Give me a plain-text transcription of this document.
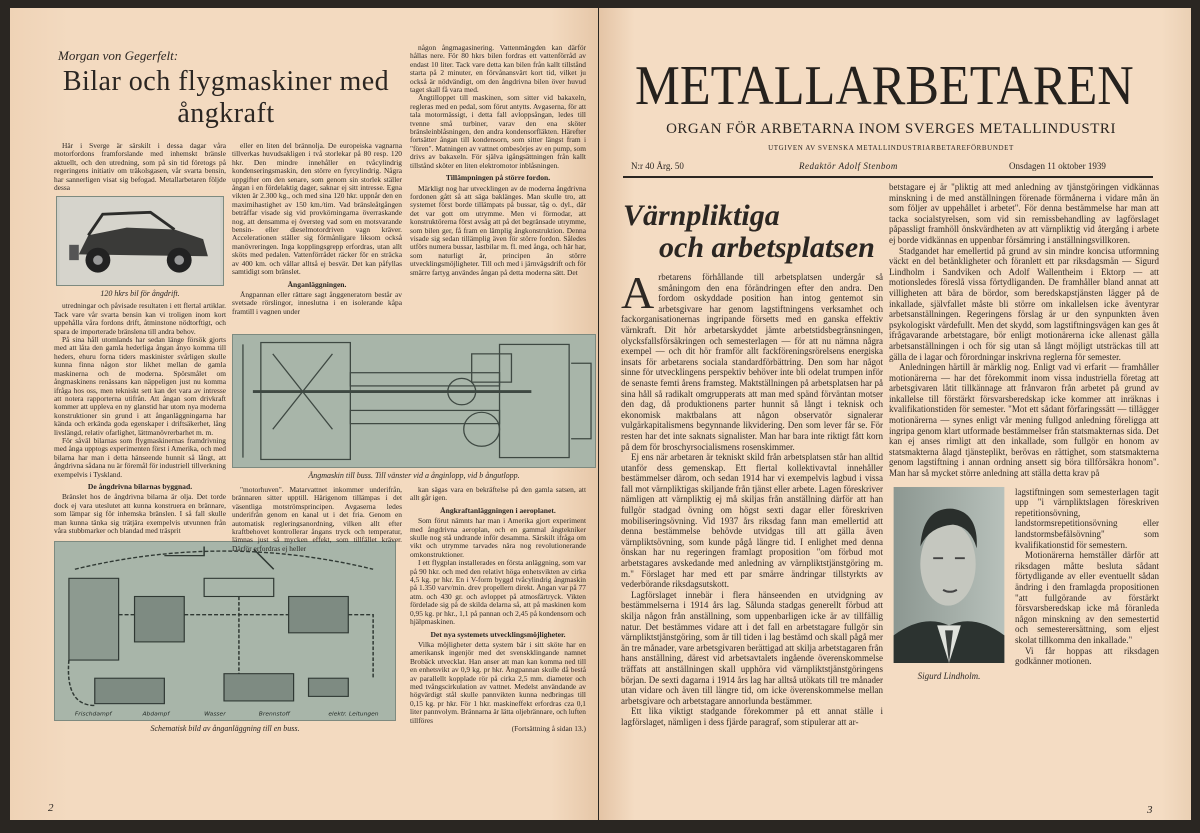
Morgan von Gegerfelt:
Bilar och flygmaskiner med ångkraft

Här i Sverge är särskilt i dessa dagar våra motorfordons framforslande med inhemskt bränsle aktuellt, och den utredning, som på sin tid företogs på regeringens initiativ om träkolsgasen, vår svarta bensin, har sannerligen visat sig befogad. Metallarbetaren följde dessa

120 hkrs bil för ångdrift.

utredningar och påvisade resultaten i ett flertal artiklar. Tack vare vår svarta bensin kan vi troligen inom kort uppehålla våra fordons drift, åtminstone nödtorftigt, och spara de importerade bränslena till andra behov.

På sina håll utomlands har sedan länge försök gjorts med att låta den gamla hederliga ångan ånyo komma till heders, ehuru forna tiders maskinister svårligen skulle kunna finna någon stor likhet mellan de gamla maskinerna och de moderna. Spörsmålet om ångmaskinens renässans kan näppeligen just nu komma ifråga hos oss, men tekniskt sett kan det vara av intresse att notera rapporterna utifrån. Att ångan som drivkraft kommer att uppleva en ny glanstid har utom nya moderna konstruktioner sin grund i att ånganläggningarna har kända och erkända goda egenskaper i driftsäkerhet, lång livslängd, relativ ofarlighet, lättmanövrerbarhet m. m.

För såväl bilarnas som flygmaskinernas framdrivning med ånga upptogs experimenten först i Amerika, och med bilarna har man i detta hänseende hunnit så långt, att ångdrivna sådana nu är föremål för industriell tillverkning exempelvis i Tyskland.

De ångdrivna bilarnas byggnad.

Bränslet hos de ångdrivna bilarna är olja. Det torde dock ej vara uteslutet att kunna konstruera en brännare, som lämpar sig för inhemska bränslen. I så fall skulle man kunna tänka sig trätjära exempelvis utvunnen från våra stubbmarker och blandad med träsprit

Frischdampf	Abdampf	Wasser	Brennstoff	elektr. Leitungen
Schematisk bild av ånganläggning till en buss.

eller en liten del brännolja. De europeiska vagnarna tillverkas huvudsakligen i två storlekar på 80 resp. 120 hkr. Den mindre innehåller en tvåcylindrig kondenseringsmaskin, den större en fyrcylindrig. Några uppgifter om den senare, som genom sin storlek ställer ångan i en fördelaktig dager, saknar ej sitt intresse. Egna vikten är 2.300 kg., och med sina 120 hkr. uppnår den en maximihastighet av 150 km./tim. Vad bränsleåtgången beträffar visade sig vid provkörningarna överraskande nog, att densamma ej översteg vad som en motsvarande bensin- eller dieselmotordriven vagn kräver. Accelerationen ställer sig förmånligare liksom också manövreringen. Inga kopplingsgrepp erfordras, utan allt sköts med pedalen. Vattenförrådet räcker för en sträcka av 400 km. och vållar alltså ej besvär. Det kan påfyllas samtidigt som bränslet.

Ånganläggningen.

Ångpannan eller rättare sagt ånggeneratorn består av svetsade rörslingor, inneslutna i en isolerande kåpa framtill i vagnen under

någon ångmagasinering. Vattenmängden kan därför hållas nere. För 80 hkrs bilen fordras ett vattenförråd av endast 10 liter. Tack vare detta kan bilen från kallt tillstånd starta på 2 minuter, en förvånansvärt kort tid, vilket ju också är nödvändigt, om den ångdrivna bilen över huvud taget skall få vara med.

Ångtilloppet till maskinen, som sitter vid bakaxeln, regleras med en pedal, som förut antytts. Avgaserna, för att tala motormässigt, i detta fall avloppsångan, ledes till tvenne små turbiner, varav den ena sköter bränsleinblåsningen, den andra kondensorfläkten. Härefter fortsätter ångan till kondensorn, som sitter längst fram i "fören". Matningen av vattnet ombesörjes av en pump, som drivs av bakaxeln. För själva igångsättningen från kallt tillstånd sköter en liten elektromotor inblåsningen.

Tillämpningen på större fordon.

Märkligt nog har utvecklingen av de moderna ångdrivna fordonen gått så att säga baklänges. Man skulle tro, att systemet först borde tillämpats på bussar, tåg o. dyl., där det var gott om utrymme. Men vi förmodar, att konstruktörerna först avsåg att på det begränsade utrymme, som bilen ger, få fram en lämplig ångkonstruktion. Denna visade sig sedan tillämplig även för större fordon. Således utförs numera bussar, lastbilar m. fl. med ånga, och här har, som naturligt är, principen än större utvecklingsmöjligheter. Till och med i järnvägsdrift och för smärre fartyg användes ångan på detta moderna sätt. Det

Ångmaskin till buss. Till vänster vid a ånginlopp, vid b ångutlopp.

"motorhuven". Matarvattnet inkommer underifrån, brännaren sitter upptill. Härigenom tillämpas i det väsentliga motströmsprincipen. Avgaserna ledes underifrån genom en kanal ut i det fria. Genom en automatisk regleringsanordning, vilken allt efter kraftbehovet kontrollerar ångans tryck och temperatur, lämnas just så mycken effekt, som tillfället kräver. Därför erfordras ej heller

kan sägas vara en bekräftelse på den gamla satsen, att allt går igen.

Ångkraftanläggningen i aeroplanet.

Som förut nämnts har man i Amerika gjort experiment med ångdrivna aeroplan, och en gammal ångtekniker skulle nog stå undrande inför desamma. Särskilt ifråga om vikt och utrymme tarvades nära nog revolutionerande omkonstruktioner.

I ett flygplan installerades en första anläggning, som var på 90 hkr. och med den relativt höga enhetsvikten av cirka 4,5 kg. pr hkr. En i V-form byggd tvåcylindrig ångmaskin på 1.350 varv/min. drev propellern direkt. Ångan var på 77 atm. och 430 gr. och avloppet på atmosfärtryck. Vikten fördelade sig på de skilda delarna så, att på maskinen kom 0,95 kg. pr hkr., 1,1 på pannan och 2,45 på kondensorn och hjälpmaskinen.

Det nya systemets utvecklingsmöjligheter.

Vilka möjligheter detta system bär i sitt sköte har en amerikansk ingenjör med det svenskklingande namnet Brobäck utvecklat. Han anser att man kan komma ned till en enhetsvikt av 0,9 kg. pr hkr. Ångpannan skulle då bestå av parallellt kopplade rör på cirka 2,5 mm. diameter och med tvångscirkulation av vattnet. Medelst användande av högvärdigt stål skulle pannvikten kunna nedbringas till 0,15 kg. pr hkr. För 1 hkr. maskineffekt erfordras cza 0,1 liter pannvolym. Brännarna är lätta oljebrännare, och luften tillföres

(Fortsättning å sidan 13.)

2
METALLARBETAREN
ORGAN FÖR ARBETARNA INOM SVERGES METALLINDUSTRI
UTGIVEN AV SVENSKA METALLINDUSTRIARBETAREFÖRBUNDET
N:r 40 Årg. 50	Redaktör Adolf Stenbom	Onsdagen 11 oktober 1939
Värnpliktiga
och arbetsplatsen
A rbetarens förhållande till arbetsplatsen undergår så småningom den ena förändringen efter den andra. Den fordom oskyddade position han intog gentemot sin arbetsgivare har genom lagstiftningens verksamhet och fackorganisationernas ingripande försetts med en ganska effektiv värnkraft. Dit hör arbetarskyddet jämte arbetstidsbegränsningen, olycksfallsförsäkringen och semesterlagen — för att nu nämna några exempel — och dit hör framför allt fackföreningsrörelsens energiska insats för arbetarens sociala standardförbättring. Den som har något sinne för utvecklingens perspektiv behöver inte bli odelat trumpen inför de senaste femti årens framsteg. Maktställningen på arbetsplatsen har på sina håll så radikalt omgrupperats att man med spänd förväntan motser den dag, då produktionens parter hunnit så långt i teknisk och ekonomisk maktbalans att någon observatör signalerar vulgärkapitalismens begynnande likvidering. Den som lever får se. För resten har det inte saknats signalister. Man har bara inte riktigt fått korn på dem för broschyrsocialismens rosenskimmer.

Ej ens när arbetaren är tekniskt skild från arbetsplatsen står han alltid utanför dess gemenskap. Ett flertal kollektivavtal innehåller bestämmelser därom, och sedan 1914 har vi exempelvis lagbud i vissa fall mot värnpliktigas skiljande från tjänst eller arbete. Lagen föreskriver nämligen att värnpliktig ej må skiljas från anställning därför att han fullgör stadgad övning om högst sexti dagar eller föreskriven mobiliseringsövning. Vid 1937 års riksdag fann man emellertid att denna bestämmelse behövde utvidgas till att gälla även värnpliktsövning, som kunde pågå längre tid. I enlighet med denna önskan har nu regeringen framlagt proposition "om förbud mot arbetstagares avskedande med anledning av värnpliktstjänstgöring m. m." Förslaget har med ett par smärre ändringar tillstyrkts av vederbörande riksdagsutskott.

Lagförslaget innebär i flera hänseenden en utvidgning av bestämmelserna i 1914 års lag. Sålunda stadgas generellt förbud att skilja någon från anställning, som uppenbarligen icke är av tillfällig natur. Det bestämmes vidare att i det fall en arbetstagare fullgör sin värnpliktstjänstgöring, som är till tiden i lag bestämd och skall pågå mer än tre månader, vare arbetsgivaren berättigad att skilja arbetstagaren från hans anställning, därest vid arbetsavtalets ingående överenskommelse träffats att anställningen skall upphöra vid värnpliktstjänstgöringens början. De sexti dagarna i 1914 års lag har alltså utökats till tre månader utan vidare och även till längre tid, om icke överenskommelse mellan arbetsgivare och arbetstagare annorlunda bestämmer.

Ett lika viktigt stadgande förekommer på ett annat ställe i lagförslaget, nämligen i dess fjärde paragraf, som stipulerar att ar-

betstagare ej är "pliktig att med anledning av tjänstgöringen vidkännas minskning i de med anställningen förenade förmånerna i vidare mån än som följer av uppehållet i arbetet". För denna bestämmelse har man att tacka socialstyrelsen, som vid sin remissbehandling av lagförslaget påpassligt framhöll önskvärdheten av att värnpliktig vid återgång i arbete ej borde vidkännas en uppenbar försämring i anställningsvillkoren.

Stadgandet har emellertid på grund av sin mindre koncisa utformning väckt en del betänkligheter och föranlett ett par riksdagsmän — Sigurd Lindholm i Sandviken och Adolf Wallentheim i Ektorp — att motionsledes föreslå vissa förtydliganden. De framhåller bland annat att villigheten att bära de bördor, som beredskapstjänsten lägger på de inkallade, självfallet måste bli större om inkallelsen icke äventyrar arbetsanställningen. Regeringens förslag är ur den synpunkten även psykologiskt värdefullt. Men det skydd, som lagstiftningsvägen kan ges åt ifrågavarande arbetstagare, bör enligt motionärerna icke allenast gälla arbetsanställningen i och för sig utan så långt möjligt utsträckas till att gälla de i lagar och förordningar inskrivna reglerna för semester.

Anledningen härtill är märklig nog. Enligt vad vi erfarit — framhåller motionärerna — har det förekommit inom vissa industriella företag att arbetsgivaren låtit tillkännage att frånvaron från arbetet på grund av inkallelse till förstärkt försvarsberedskap icke kommer att inräknas i kvalifikationstiden för semester. "Mot ett sådant förfaringssätt — tillägger motionärerna — synes enligt vår mening fullgod anledning föreligga att ingripa genom klart utformade bestämmelser från statsmakternas sida. Det kan ej anses rimligt att den inkallade, som fullgör en honom av statsmakterna ålagd tjänsteplikt, berövas en rättighet, som statsmakterna genom lagstiftning i annan ordning ansett sig böra tillförsäkra honom". Man har så mycket större anledning att ställa detta krav på

Sigurd Lindholm.

lagstiftningen som semesterlagen tagit upp "i värnpliktslagen föreskriven repetitionsövning, landstormsrepetitionsövning eller landstormsbefälsövning" som kvalifikationstid för semestern.

Motionärerna hemställer därför att riksdagen måtte besluta sådant förtydligande av eller eventuellt sådan ändring i den framlagda propositionen "att fullgörande av förstärkt försvarsberedskap icke må föranleda någon minskning av den semestertid och semesterersättning, som eljest skolat tillkomma den inkallade."

Vi får hoppas att riksdagen godkänner motionen.

3
